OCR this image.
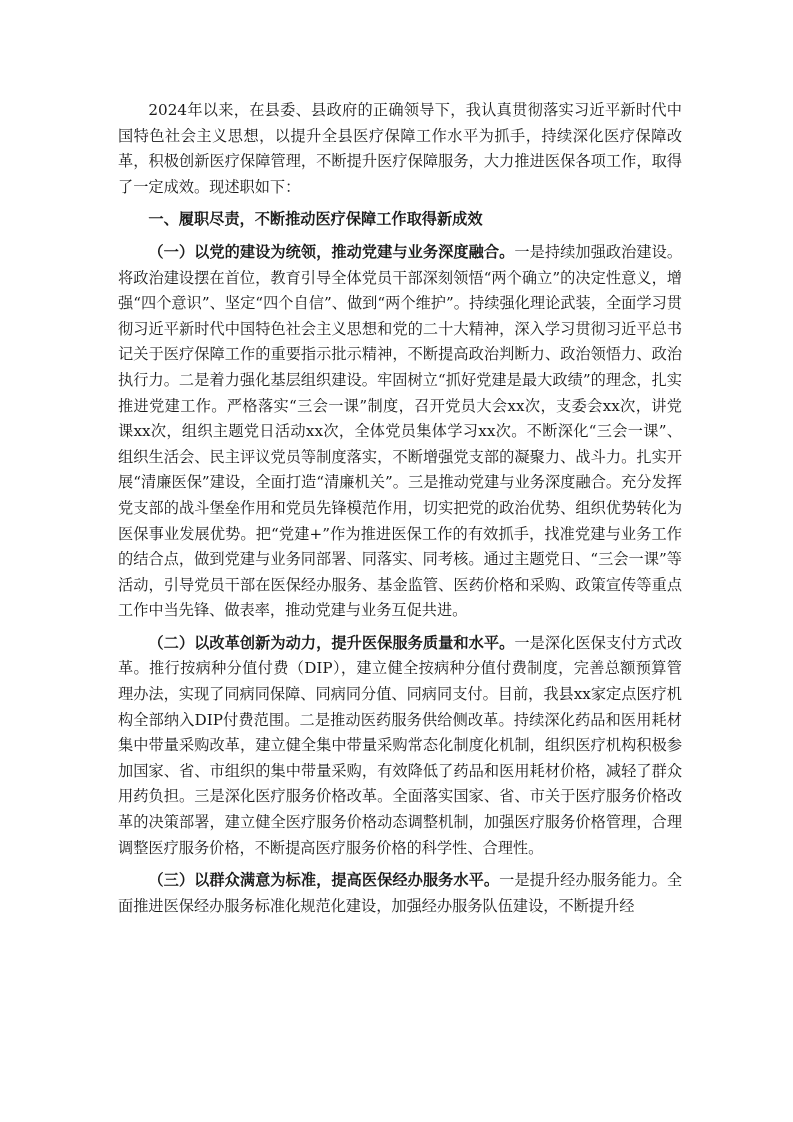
2024年以来，在县委、县政府的正确领导下，我认真贯彻落实习近平新时代中国特色社会主义思想，以提升全县医疗保障工作水平为抓手，持续深化医疗保障改革，积极创新医疗保障管理，不断提升医疗保障服务，大力推进医保各项工作，取得了一定成效。现述职如下：

一、履职尽责，不断推动医疗保障工作取得新成效

（一）以党的建设为统领，推动党建与业务深度融合。一是持续加强政治建设。将政治建设摆在首位，教育引导全体党员干部深刻领悟“两个确立”的决定性意义，增强“四个意识”、坚定“四个自信”、做到“两个维护”。持续强化理论武装，全面学习贯彻习近平新时代中国特色社会主义思想和党的二十大精神，深入学习贯彻习近平总书记关于医疗保障工作的重要指示批示精神，不断提高政治判断力、政治领悟力、政治执行力。二是着力强化基层组织建设。牢固树立“抓好党建是最大政绩”的理念，扎实推进党建工作。严格落实“三会一课”制度，召开党员大会xx次，支委会xx次，讲党课xx次，组织主题党日活动xx次，全体党员集体学习xx次。不断深化“三会一课”、组织生活会、民主评议党员等制度落实，不断增强党支部的凝聚力、战斗力。扎实开展“清廉医保”建设，全面打造“清廉机关”。三是推动党建与业务深度融合。充分发挥党支部的战斗堡垒作用和党员先锋模范作用，切实把党的政治优势、组织优势转化为医保事业发展优势。把“党建+”作为推进医保工作的有效抓手，找准党建与业务工作的结合点，做到党建与业务同部署、同落实、同考核。通过主题党日、“三会一课”等活动，引导党员干部在医保经办服务、基金监管、医药价格和采购、政策宣传等重点工作中当先锋、做表率，推动党建与业务互促共进。

（二）以改革创新为动力，提升医保服务质量和水平。一是深化医保支付方式改革。推行按病种分值付费（DIP），建立健全按病种分值付费制度，完善总额预算管理办法，实现了同病同保障、同病同分值、同病同支付。目前，我县xx家定点医疗机构全部纳入DIP付费范围。二是推动医药服务供给侧改革。持续深化药品和医用耗材集中带量采购改革，建立健全集中带量采购常态化制度化机制，组织医疗机构积极参加国家、省、市组织的集中带量采购，有效降低了药品和医用耗材价格，减轻了群众用药负担。三是深化医疗服务价格改革。全面落实国家、省、市关于医疗服务价格改革的决策部署，建立健全医疗服务价格动态调整机制，加强医疗服务价格管理，合理调整医疗服务价格，不断提高医疗服务价格的科学性、合理性。

（三）以群众满意为标准，提高医保经办服务水平。一是提升经办服务能力。全面推进医保经办服务标准化规范化建设，加强经办服务队伍建设，不断提升经
